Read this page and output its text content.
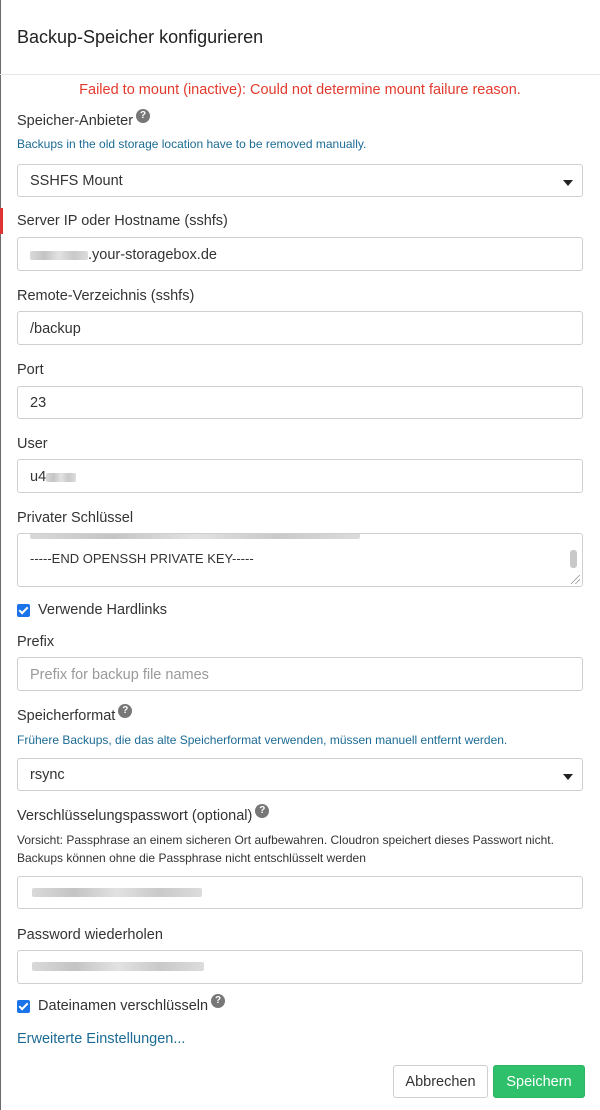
Backup-Speicher konfigurieren
Failed to mount (inactive): Could not determine mount failure reason.
Speicher-Anbieter ?
Backups in the old storage location have to be removed manually.
SSHFS Mount
Server IP oder Hostname (sshfs)
.your-storagebox.de
Remote-Verzeichnis (sshfs)
/backup
Port
23
User
u4
Privater Schlüssel
-----END OPENSSH PRIVATE KEY-----
Verwende Hardlinks
Prefix
Prefix for backup file names
Speicherformat ?
Frühere Backups, die das alte Speicherformat verwenden, müssen manuell entfernt werden.
rsync
Verschlüsselungspasswort (optional) ?
Vorsicht: Passphrase an einem sicheren Ort aufbewahren. Cloudron speichert dieses Passwort nicht. Backups können ohne die Passphrase nicht entschlüsselt werden
Password wiederholen
Dateinamen verschlüsseln ?
Erweiterte Einstellungen...
Abbrechen	Speichern
